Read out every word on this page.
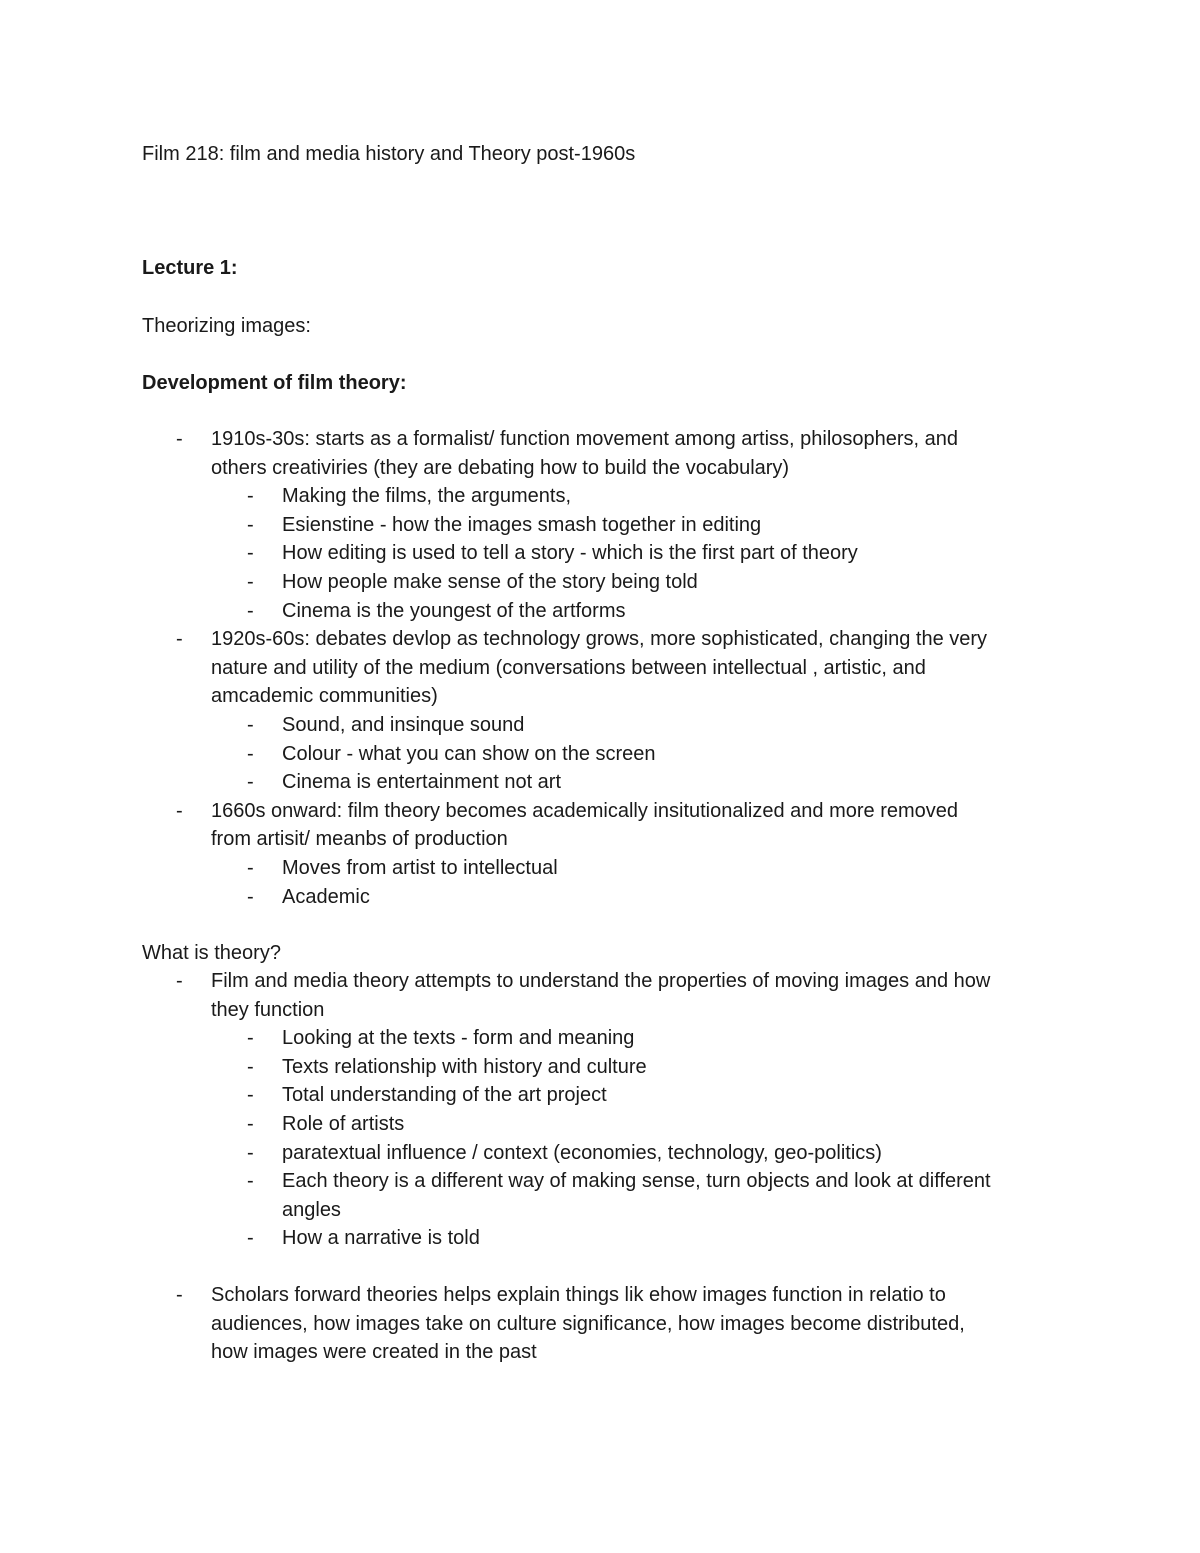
Film 218: film and media history and Theory post-1960s
Lecture 1:
Theorizing images:
Development of film theory:
- 1910s-30s: starts as a formalist/ function movement among artiss, philosophers, and
others creativiries (they are debating how to build the vocabulary)
- Making the films, the arguments,
- Esienstine - how the images smash together in editing
- How editing is used to tell a story - which is the first part of theory
- How people make sense of the story being told
- Cinema is the youngest of the artforms
- 1920s-60s: debates devlop as technology grows, more sophisticated, changing the very
nature and utility of the medium (conversations between intellectual , artistic, and
amcademic communities)
- Sound, and insinque sound
- Colour - what you can show on the screen
- Cinema is entertainment not art
- 1660s onward: film theory becomes academically insitutionalized and more removed
from artisit/ meanbs of production
- Moves from artist to intellectual
- Academic
What is theory?
- Film and media theory attempts to understand the properties of moving images and how
they function
- Looking at the texts - form and meaning
- Texts relationship with history and culture
- Total understanding of the art project
- Role of artists
- paratextual influence / context (economies, technology, geo-politics)
- Each theory is a different way of making sense, turn objects and look at different
angles
- How a narrative is told
- Scholars forward theories helps explain things lik ehow images function in relatio to
audiences, how images take on culture significance, how images become distributed,
how images were created in the past
